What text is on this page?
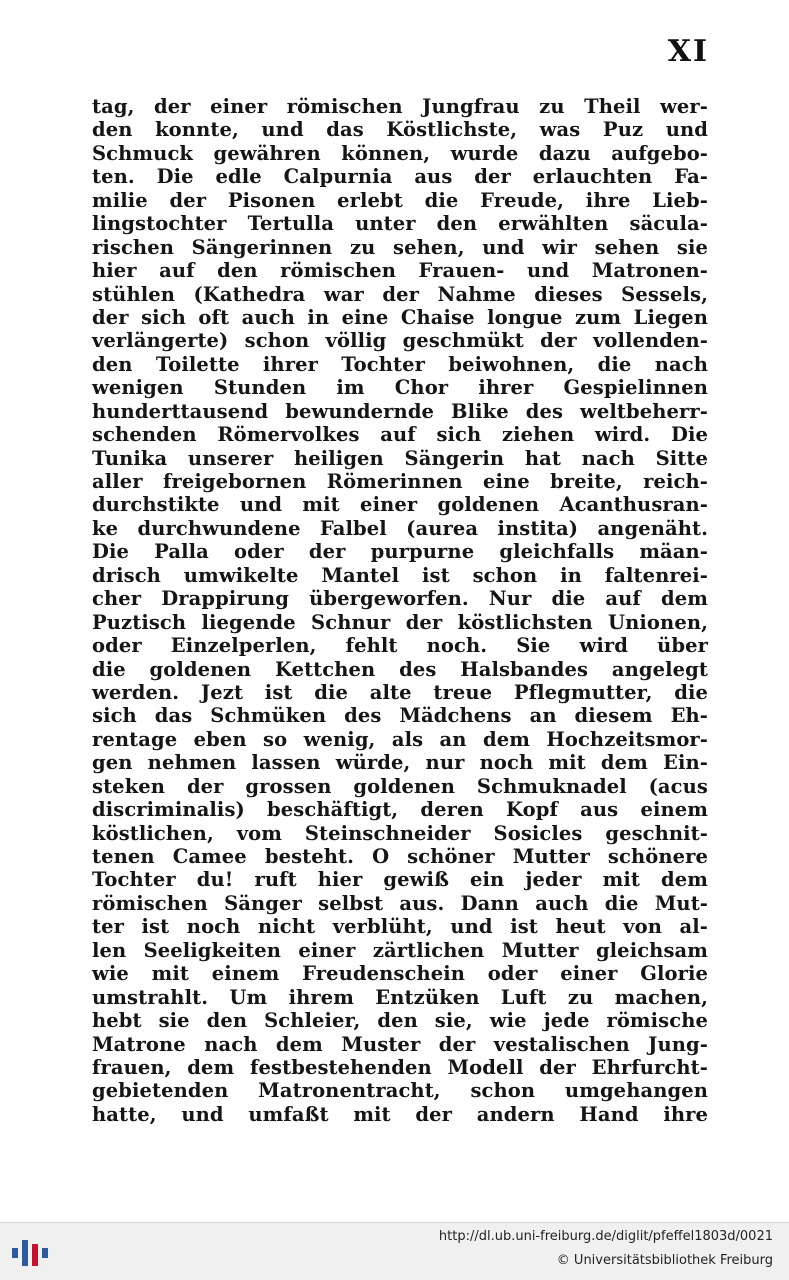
XI
tag, der einer römischen Jungfrau zu Theil wer-
den konnte, und das Köstlichste, was Puz und
Schmuck gewähren können, wurde dazu aufgebo-
ten. Die edle Calpurnia aus der erlauchten Fa-
milie der Pisonen erlebt die Freude, ihre Lieb-
lingstochter Tertulla unter den erwählten säcula-
rischen Sängerinnen zu sehen, und wir sehen sie
hier auf den römischen Frauen- und Matronen-
stühlen (Kathedra war der Nahme dieses Sessels,
der sich oft auch in eine Chaise longue zum Liegen
verlängerte) schon völlig geschmükt der vollenden-
den Toilette ihrer Tochter beiwohnen, die nach
wenigen Stunden im Chor ihrer Gespielinnen
hunderttausend bewundernde Blike des weltbeherr-
schenden Römervolkes auf sich ziehen wird. Die
Tunika unserer heiligen Sängerin hat nach Sitte
aller freigebornen Römerinnen eine breite, reich-
durchstikte und mit einer goldenen Acanthusran-
ke durchwundene Falbel (aurea instita) angenäht.
Die Palla oder der purpurne gleichfalls mäan-
drisch umwikelte Mantel ist schon in faltenrei-
cher Drappirung übergeworfen. Nur die auf dem
Puztisch liegende Schnur der köstlichsten Unionen,
oder Einzelperlen, fehlt noch. Sie wird über
die goldenen Kettchen des Halsbandes angelegt
werden. Jezt ist die alte treue Pflegmutter, die
sich das Schmüken des Mädchens an diesem Eh-
rentage eben so wenig, als an dem Hochzeitsmor-
gen nehmen lassen würde, nur noch mit dem Ein-
steken der grossen goldenen Schmuknadel (acus
discriminalis) beschäftigt, deren Kopf aus einem
köstlichen, vom Steinschneider Sosicles geschnit-
tenen Camee besteht. O schöner Mutter schönere
Tochter du! ruft hier gewiß ein jeder mit dem
römischen Sänger selbst aus. Dann auch die Mut-
ter ist noch nicht verblüht, und ist heut von al-
len Seeligkeiten einer zärtlichen Mutter gleichsam
wie mit einem Freudenschein oder einer Glorie
umstrahlt. Um ihrem Entzüken Luft zu machen,
hebt sie den Schleier, den sie, wie jede römische
Matrone nach dem Muster der vestalischen Jung-
frauen, dem festbestehenden Modell der Ehrfurcht-
gebietenden Matronentracht, schon umgehangen
hatte, und umfaßt mit der andern Hand ihre
http://dl.ub.uni-freiburg.de/diglit/pfeffel1803d/0021
© Universitätsbibliothek Freiburg
